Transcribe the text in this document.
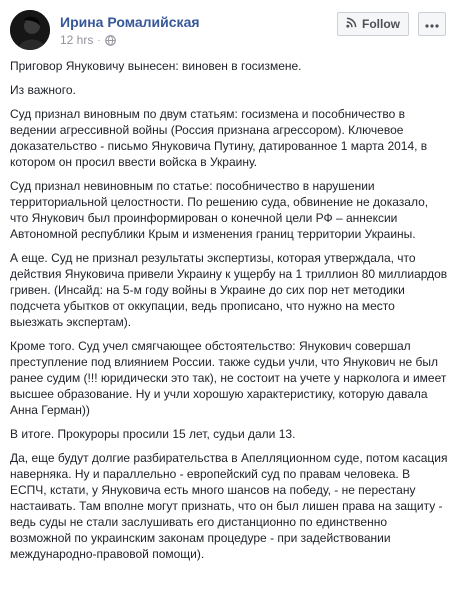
Ирина Ромалийская
12 hrs ·
Follow

Приговор Януковичу вынесен: виновен в госизмене.

Из важного.

Суд признал виновным по двум статьям: госизмена и пособничество в ведении агрессивной войны (Россия признана агрессором). Ключевое доказательство - письмо Януковича Путину, датированное 1 марта 2014, в котором он просил ввести войска в Украину.

Суд признал невиновным по статье: пособничество в нарушении территориальной целостности. По решению суда, обвинение не доказало, что Янукович был проинформирован о конечной цели РФ – аннексии Автономной республики Крым и изменения границ территории Украины.

А еще. Суд не признал результаты экспертизы, которая утверждала, что действия Януковича привели Украину к ущербу на 1 триллион 80 миллиардов гривен. (Инсайд: на 5-м году войны в Украине до сих пор нет методики подсчета убытков от оккупации, ведь прописано, что нужно на место выезжать экспертам).

Кроме того. Суд учел смягчающее обстоятельство: Янукович совершал преступление под влиянием России. также судьи учли, что Янукович не был ранее судим (!!! юридически это так), не состоит на учете у нарколога и имеет высшее образование. Ну и учли хорошую характеристику, которую давала Анна Герман))

В итоге. Прокуроры просили 15 лет, судьи дали 13.

Да, еще будут долгие разбирательства в Апелляционном суде, потом касация наверняка. Ну и параллельно - европейский суд по правам человека. В ЕСПЧ, кстати, у Януковича есть много шансов на победу, - не перестану настаивать. Там вполне могут признать, что он был лишен права на защиту - ведь суды не стали заслушивать его дистанционно по единственно возможной по украинским законам процедуре - при задействовании международно-правовой помощи).
